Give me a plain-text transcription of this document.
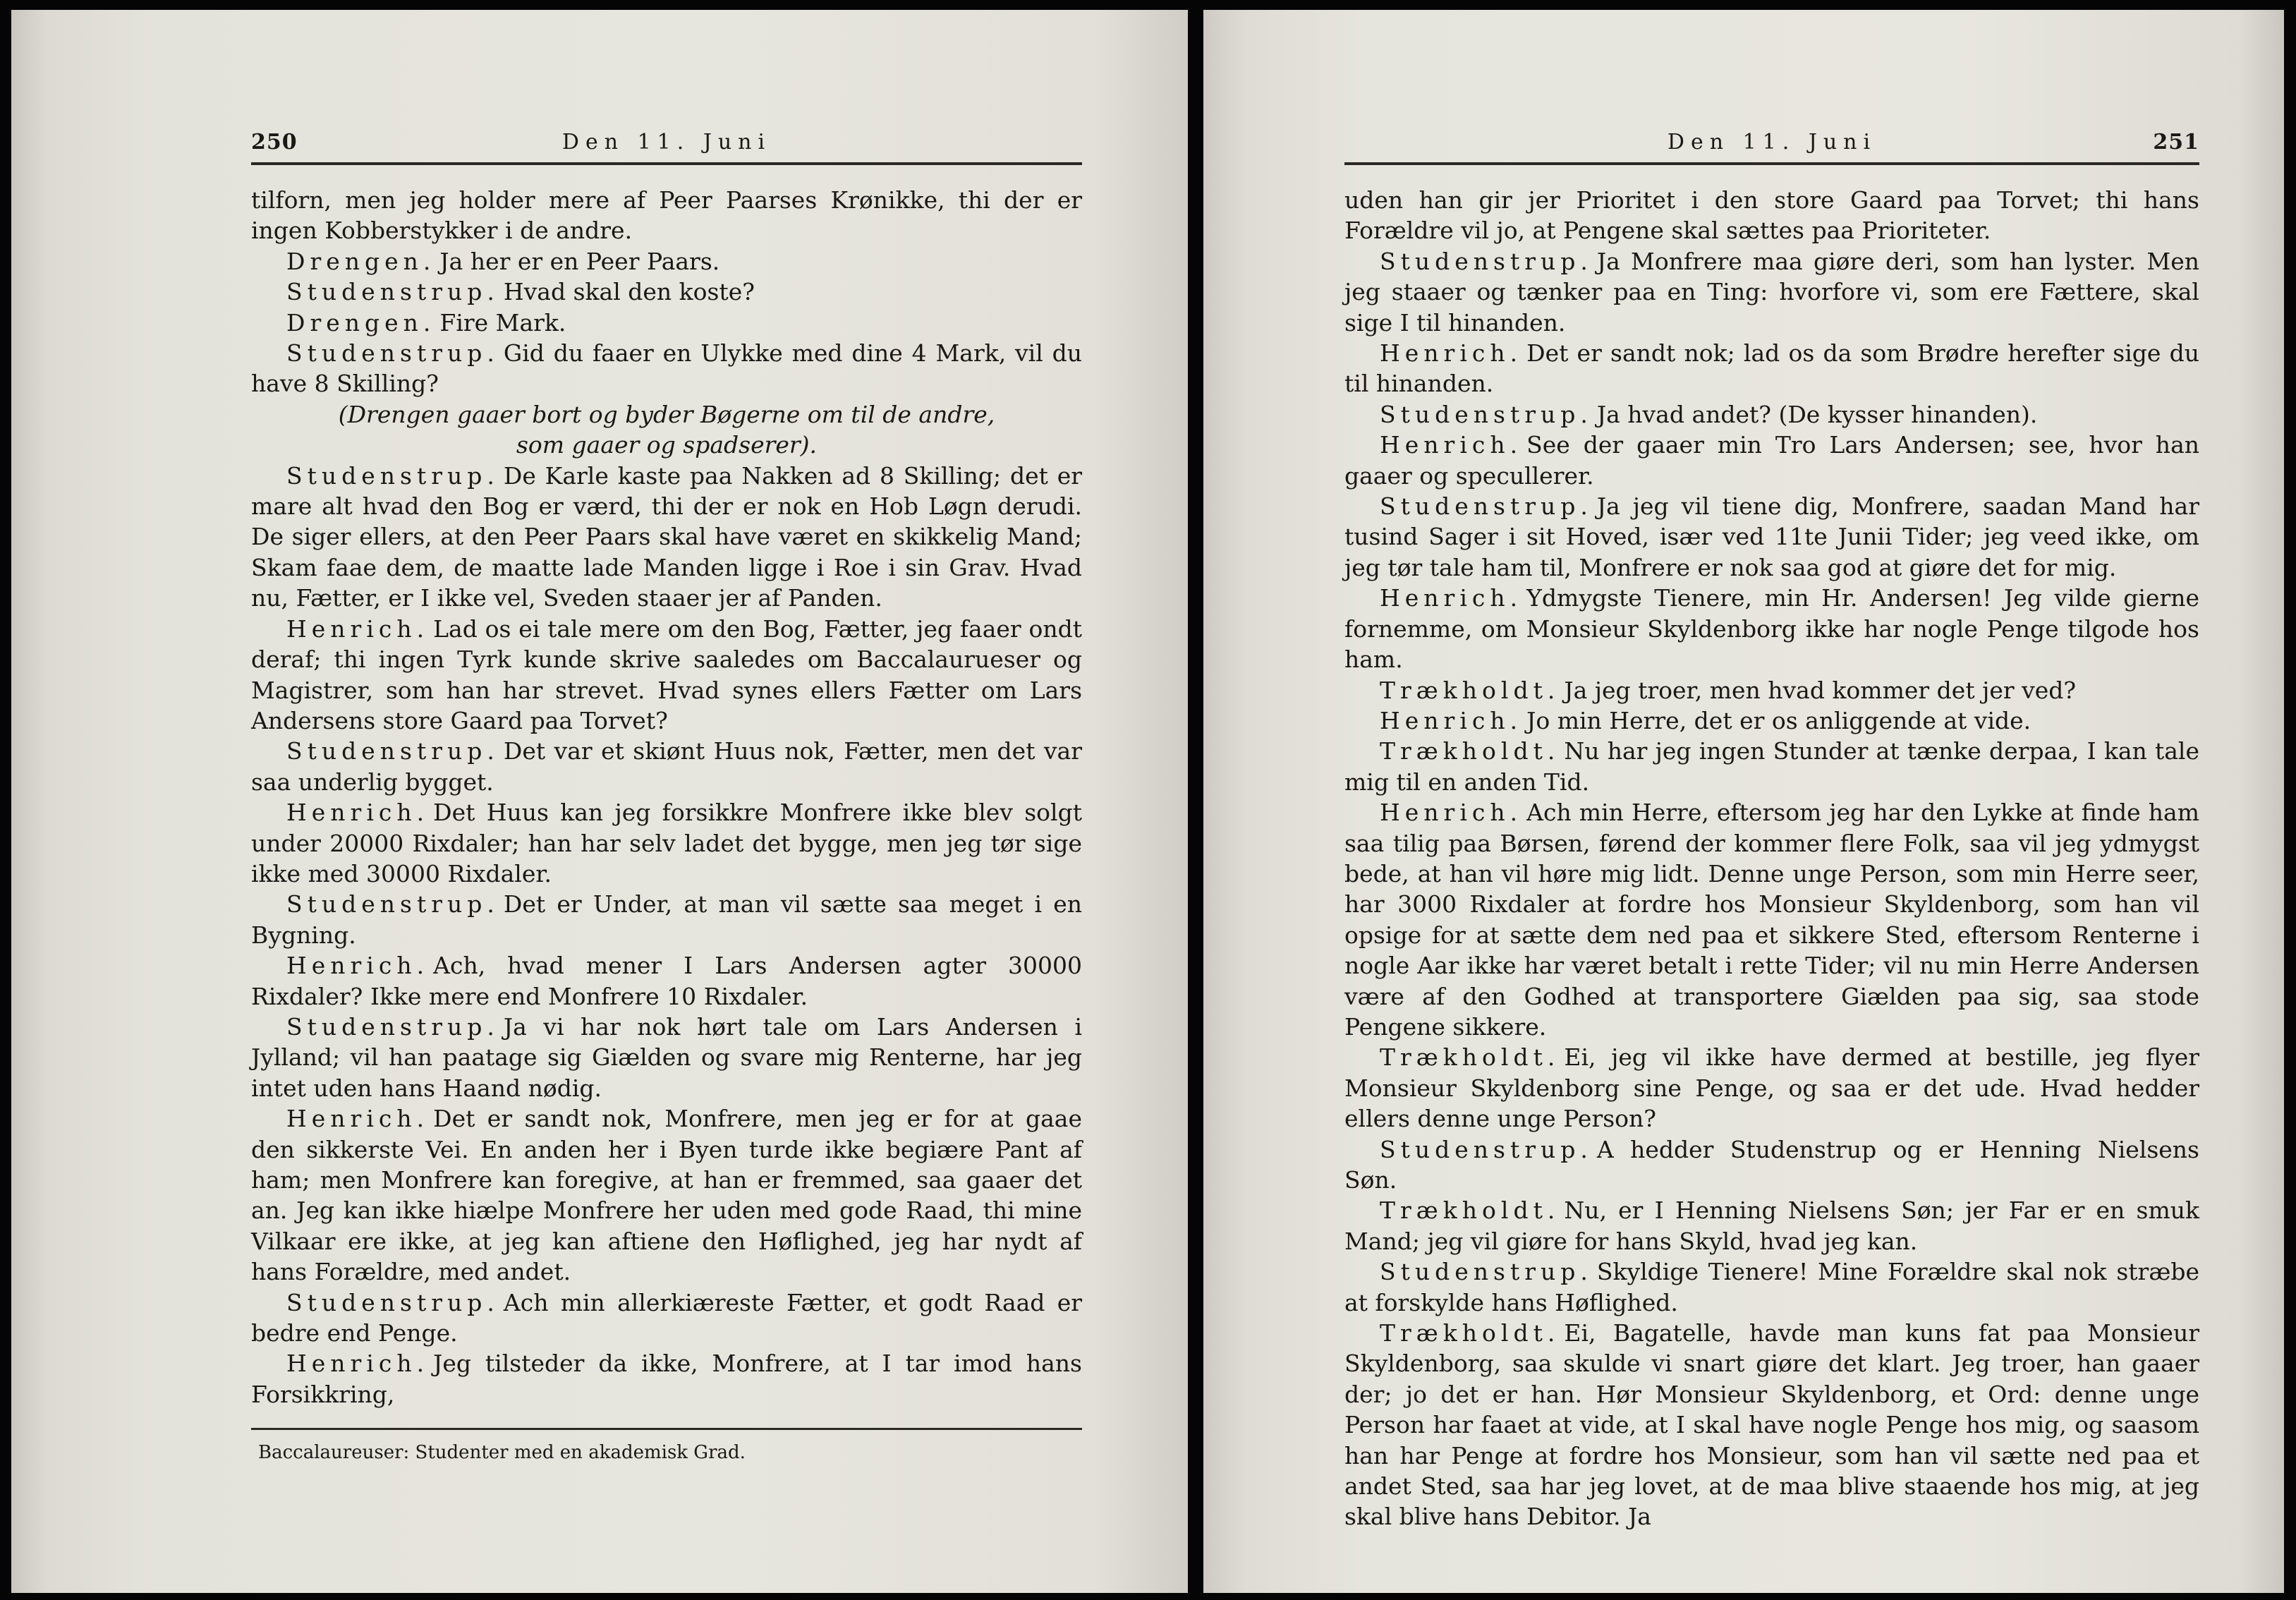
250	Den 11. Juni

tilforn, men jeg holder mere af Peer Paarses Krønikke, thi der er ingen Kobberstykker i de andre.

Drengen. Ja her er en Peer Paars.

Studenstrup. Hvad skal den koste?

Drengen. Fire Mark.

Studenstrup. Gid du faaer en Ulykke med dine 4 Mark, vil du have 8 Skilling?

(Drengen gaaer bort og byder Bøgerne om til de andre, som gaaer og spadserer).

Studenstrup. De Karle kaste paa Nakken ad 8 Skilling; det er mare alt hvad den Bog er værd, thi der er nok en Hob Løgn derudi. De siger ellers, at den Peer Paars skal have været en skikkelig Mand; Skam faae dem, de maatte lade Manden ligge i Roe i sin Grav. Hvad nu, Fætter, er I ikke vel, Sveden staaer jer af Panden.

Henrich. Lad os ei tale mere om den Bog, Fætter, jeg faaer ondt deraf; thi ingen Tyrk kunde skrive saaledes om Baccalaurueser og Magistrer, som han har strevet. Hvad synes ellers Fætter om Lars Andersens store Gaard paa Torvet?

Studenstrup. Det var et skiønt Huus nok, Fætter, men det var saa underlig bygget.

Henrich. Det Huus kan jeg forsikkre Monfrere ikke blev solgt under 20000 Rixdaler; han har selv ladet det bygge, men jeg tør sige ikke med 30000 Rixdaler.

Studenstrup. Det er Under, at man vil sætte saa meget i en Bygning.

Henrich. Ach, hvad mener I Lars Andersen agter 30000 Rixdaler? Ikke mere end Monfrere 10 Rixdaler.

Studenstrup. Ja vi har nok hørt tale om Lars Andersen i Jylland; vil han paatage sig Giælden og svare mig Renterne, har jeg intet uden hans Haand nødig.

Henrich. Det er sandt nok, Monfrere, men jeg er for at gaae den sikkerste Vei. En anden her i Byen turde ikke begiære Pant af ham; men Monfrere kan foregive, at han er fremmed, saa gaaer det an. Jeg kan ikke hiælpe Monfrere her uden med gode Raad, thi mine Vilkaar ere ikke, at jeg kan aftiene den Høflighed, jeg har nydt af hans Forældre, med andet.

Studenstrup. Ach min allerkiæreste Fætter, et godt Raad er bedre end Penge.

Henrich. Jeg tilsteder da ikke, Monfrere, at I tar imod hans Forsikkring,

Baccalaureuser: Studenter med en akademisk Grad.
251
Den 11. Juni

uden han gir jer Prioritet i den store Gaard paa Torvet; thi hans Forældre vil jo, at Pengene skal sættes paa Prioriteter.

Studenstrup. Ja Monfrere maa giøre deri, som han lyster. Men jeg staaer og tænker paa en Ting: hvorfore vi, som ere Fættere, skal sige I til hinanden.

Henrich. Det er sandt nok; lad os da som Brødre herefter sige du til hinanden.

Studenstrup. Ja hvad andet? (De kysser hinanden).

Henrich. See der gaaer min Tro Lars Andersen; see, hvor han gaaer og specullerer.

Studenstrup. Ja jeg vil tiene dig, Monfrere, saadan Mand har tusind Sager i sit Hoved, især ved 11te Junii Tider; jeg veed ikke, om jeg tør tale ham til, Monfrere er nok saa god at giøre det for mig.

Henrich. Ydmygste Tienere, min Hr. Andersen! Jeg vilde gierne fornemme, om Monsieur Skyldenborg ikke har nogle Penge tilgode hos ham.

Trækholdt. Ja jeg troer, men hvad kommer det jer ved?

Henrich. Jo min Herre, det er os anliggende at vide.

Trækholdt. Nu har jeg ingen Stunder at tænke derpaa, I kan tale mig til en anden Tid.

Henrich. Ach min Herre, eftersom jeg har den Lykke at finde ham saa tilig paa Børsen, førend der kommer flere Folk, saa vil jeg ydmygst bede, at han vil høre mig lidt. Denne unge Person, som min Herre seer, har 3000 Rixdaler at fordre hos Monsieur Skyldenborg, som han vil opsige for at sætte dem ned paa et sikkere Sted, eftersom Renterne i nogle Aar ikke har været betalt i rette Tider; vil nu min Herre Andersen være af den Godhed at transportere Giælden paa sig, saa stode Pengene sikkere.

Trækholdt. Ei, jeg vil ikke have dermed at bestille, jeg flyer Monsieur Skyldenborg sine Penge, og saa er det ude. Hvad hedder ellers denne unge Person?

Studenstrup. A hedder Studenstrup og er Henning Nielsens Søn.

Trækholdt. Nu, er I Henning Nielsens Søn; jer Far er en smuk Mand; jeg vil giøre for hans Skyld, hvad jeg kan.

Studenstrup. Skyldige Tienere! Mine Forældre skal nok stræbe at forskylde hans Høflighed.

Trækholdt. Ei, Bagatelle, havde man kuns fat paa Monsieur Skyldenborg, saa skulde vi snart giøre det klart. Jeg troer, han gaaer der; jo det er han. Hør Monsieur Skyldenborg, et Ord: denne unge Person har faaet at vide, at I skal have nogle Penge hos mig, og saasom han har Penge at fordre hos Monsieur, som han vil sætte ned paa et andet Sted, saa har jeg lovet, at de maa blive staaende hos mig, at jeg skal blive hans Debitor. Ja
